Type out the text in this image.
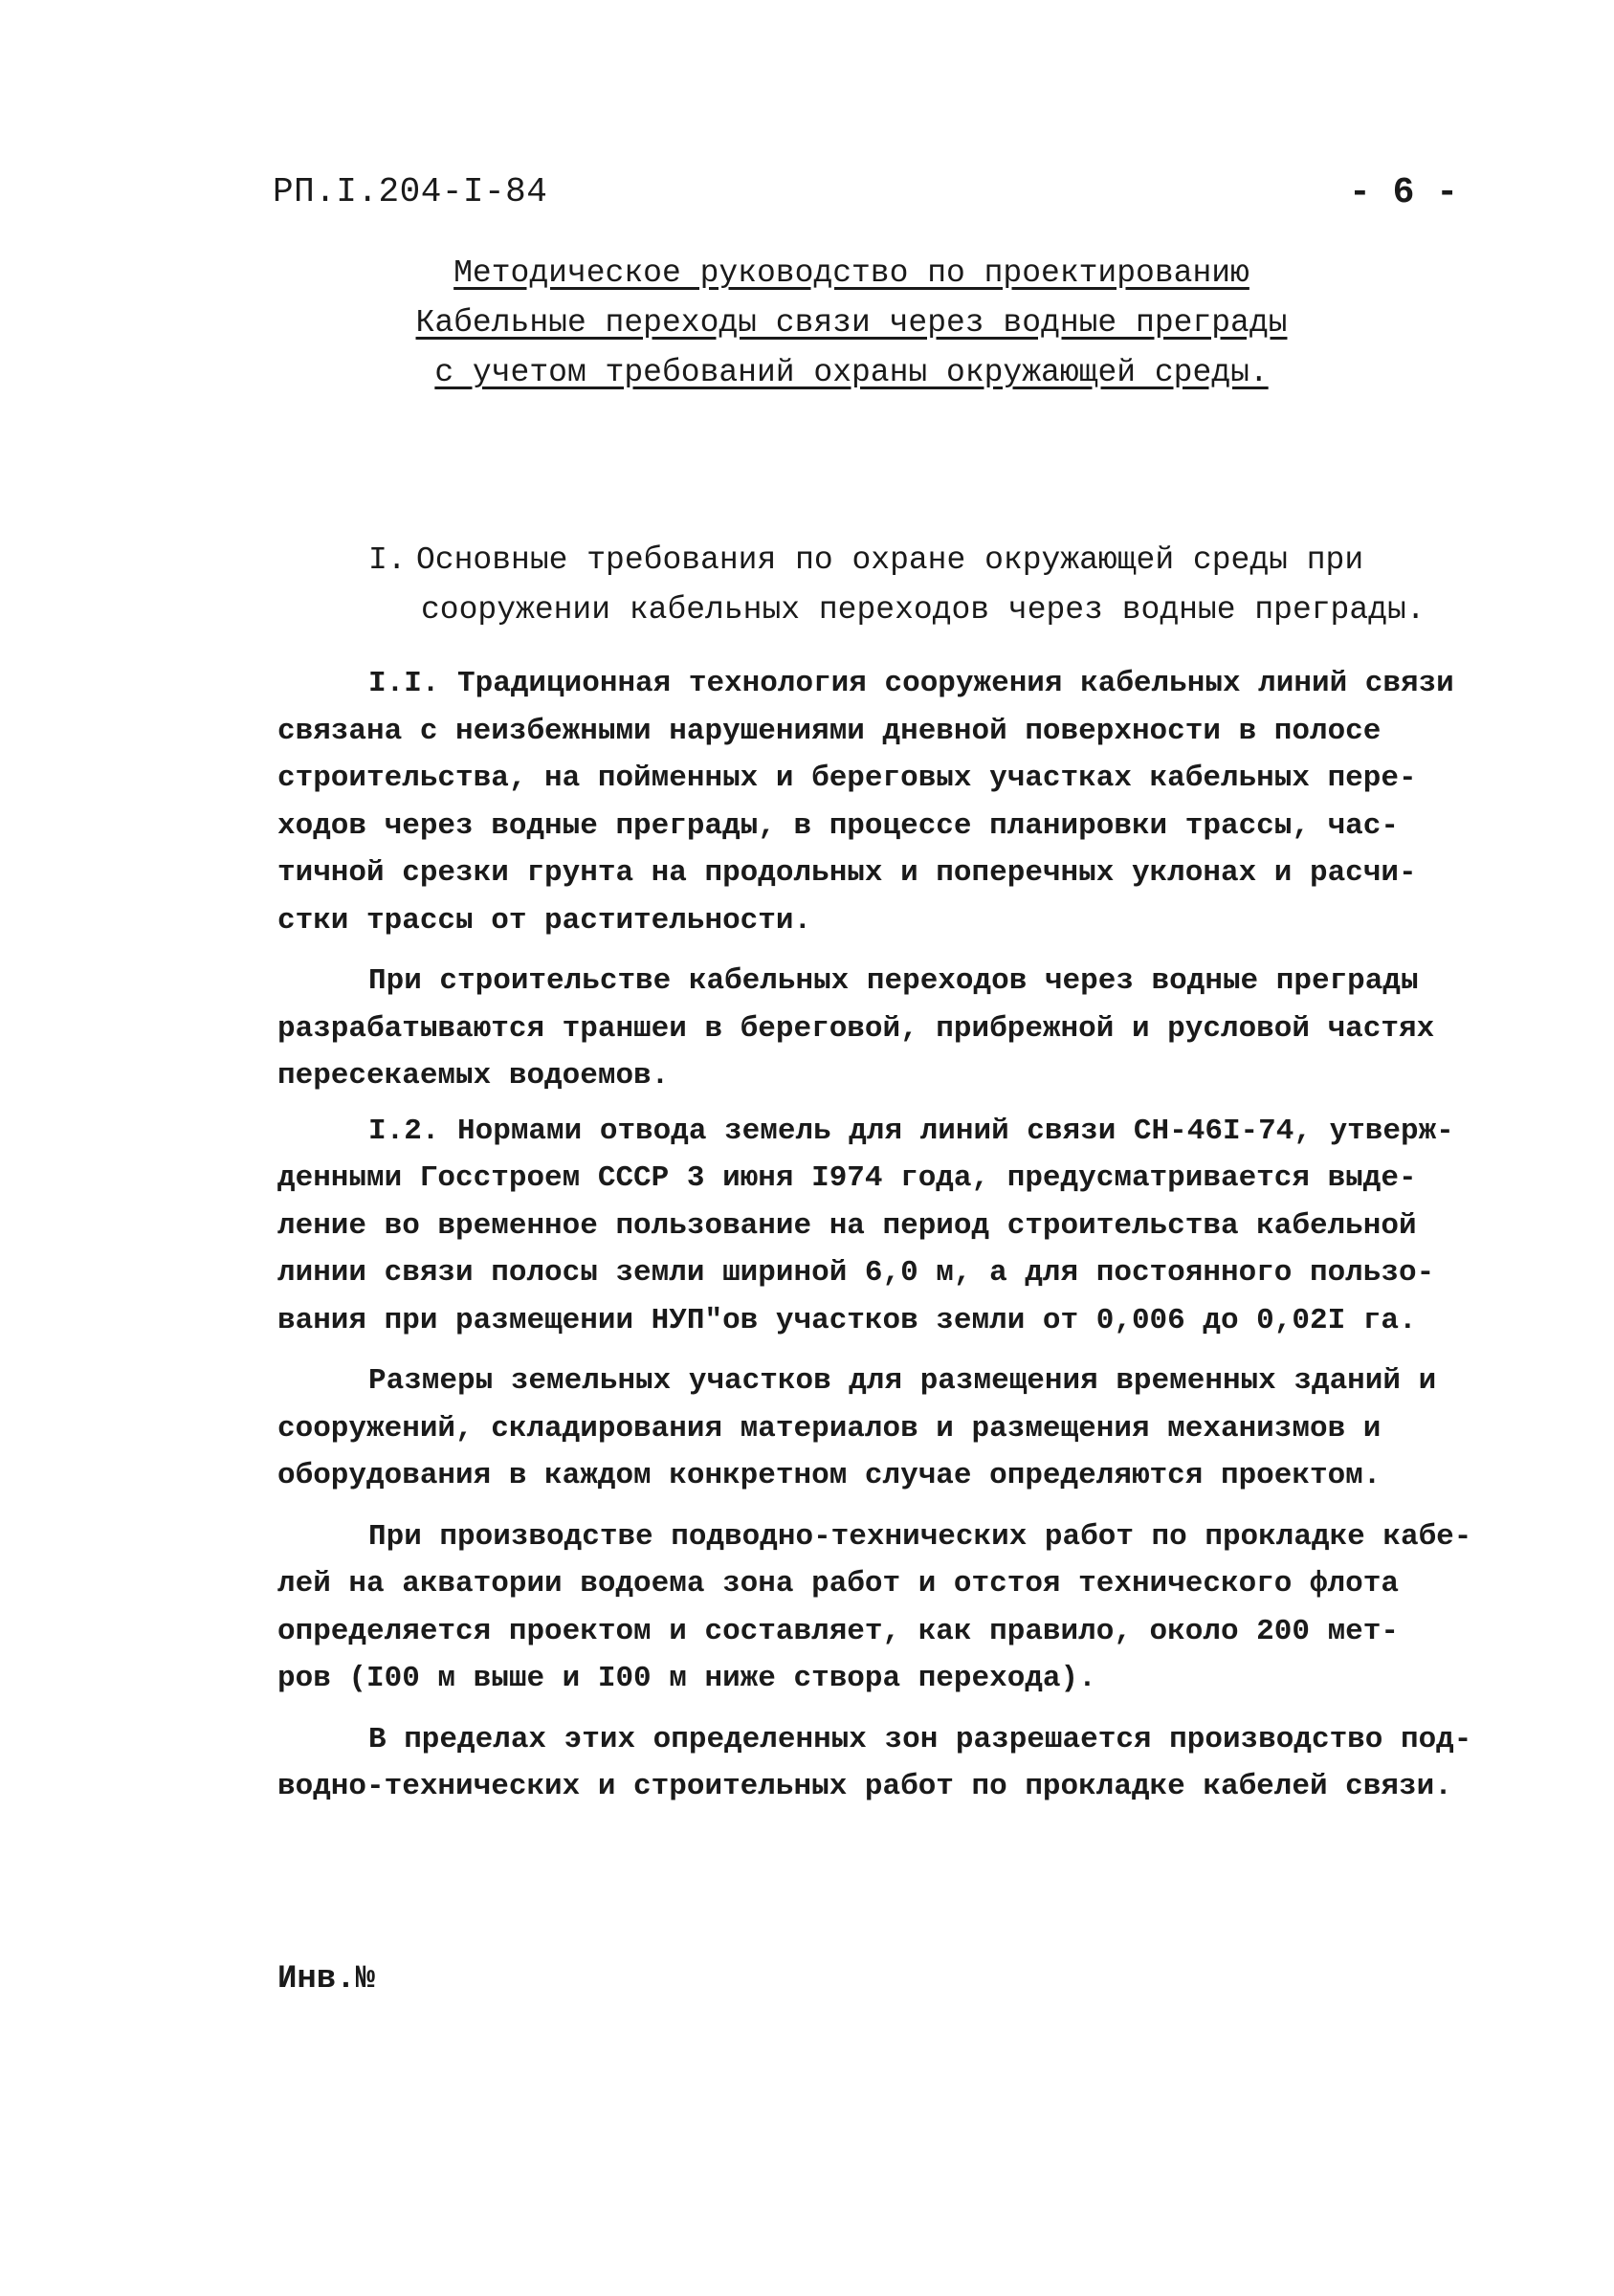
РП.I.204-I-84	- 6 -
Методическое руководство по проектированию
Кабельные переходы связи через водные преграды
с учетом требований охраны окружающей среды.
I. Основные требования по охране окружающей среды при
сооружении кабельных переходов через водные преграды.

I.I. Традиционная технология сооружения кабельных линий связи
связана с неизбежными нарушениями дневной поверхности в полосе
строительства, на пойменных и береговых участках кабельных пере-
ходов через водные преграды, в процессе планировки трассы, час-
тичной срезки грунта на продольных и поперечных уклонах и расчи-
стки трассы от растительности.

При строительстве кабельных переходов через водные преграды
разрабатываются траншеи в береговой, прибрежной и русловой частях
пересекаемых водоемов.

I.2. Нормами отвода земель для линий связи СН-46I-74, утверж-
денными Госстроем СССР 3 июня I974 года, предусматривается выде-
ление во временное пользование на период строительства кабельной
линии связи полосы земли шириной 6,0 м, а для постоянного пользо-
вания при размещении НУП"ов участков земли от 0,006 до 0,02I га.

Размеры земельных участков для размещения временных зданий и
сооружений, складирования материалов и размещения механизмов и
оборудования в каждом конкретном случае определяются проектом.

При производстве подводно-технических работ по прокладке кабе-
лей на акватории водоема зона работ и отстоя технического флота
определяется проектом и составляет, как правило, около 200 мет-
ров (I00 м выше и I00 м ниже створа перехода).

В пределах этих определенных зон разрешается производство под-
водно-технических и строительных работ по прокладке кабелей связи.

Инв.№
